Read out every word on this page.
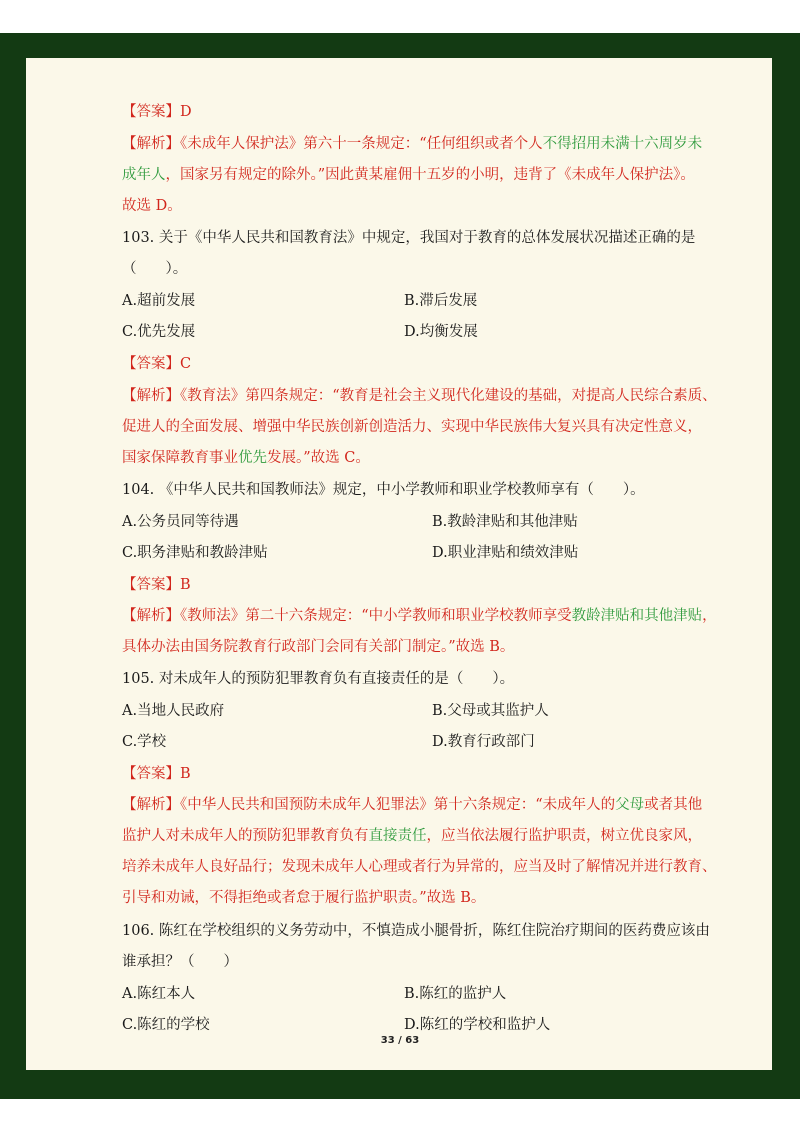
【答案】D
【解析】《未成年人保护法》第六十一条规定：“任何组织或者个人不得招用未满十六周岁未
成年人，国家另有规定的除外。”因此黄某雇佣十五岁的小明，违背了《未成年人保护法》。
故选 D。
103. 关于《中华人民共和国教育法》中规定，我国对于教育的总体发展状况描述正确的是
（　　）。
A.超前发展	B.滞后发展
C.优先发展	D.均衡发展
【答案】C
【解析】《教育法》第四条规定：“教育是社会主义现代化建设的基础，对提高人民综合素质、
促进人的全面发展、增强中华民族创新创造活力、实现中华民族伟大复兴具有决定性意义，
国家保障教育事业优先发展。”故选 C。
104. 《中华人民共和国教师法》规定，中小学教师和职业学校教师享有（　　）。
A.公务员同等待遇	B.教龄津贴和其他津贴
C.职务津贴和教龄津贴	D.职业津贴和绩效津贴
【答案】B
【解析】《教师法》第二十六条规定：“中小学教师和职业学校教师享受教龄津贴和其他津贴，
具体办法由国务院教育行政部门会同有关部门制定。”故选 B。
105. 对未成年人的预防犯罪教育负有直接责任的是（　　）。
A.当地人民政府	B.父母或其监护人
C.学校	D.教育行政部门
【答案】B
【解析】《中华人民共和国预防未成年人犯罪法》第十六条规定：“未成年人的父母或者其他
监护人对未成年人的预防犯罪教育负有直接责任，应当依法履行监护职责，树立优良家风，
培养未成年人良好品行；发现未成年人心理或者行为异常的，应当及时了解情况并进行教育、
引导和劝诫，不得拒绝或者怠于履行监护职责。”故选 B。
106. 陈红在学校组织的义务劳动中，不慎造成小腿骨折，陈红住院治疗期间的医药费应该由
谁承担？（　　）
A.陈红本人	B.陈红的监护人
C.陈红的学校	D.陈红的学校和监护人
33 / 63
